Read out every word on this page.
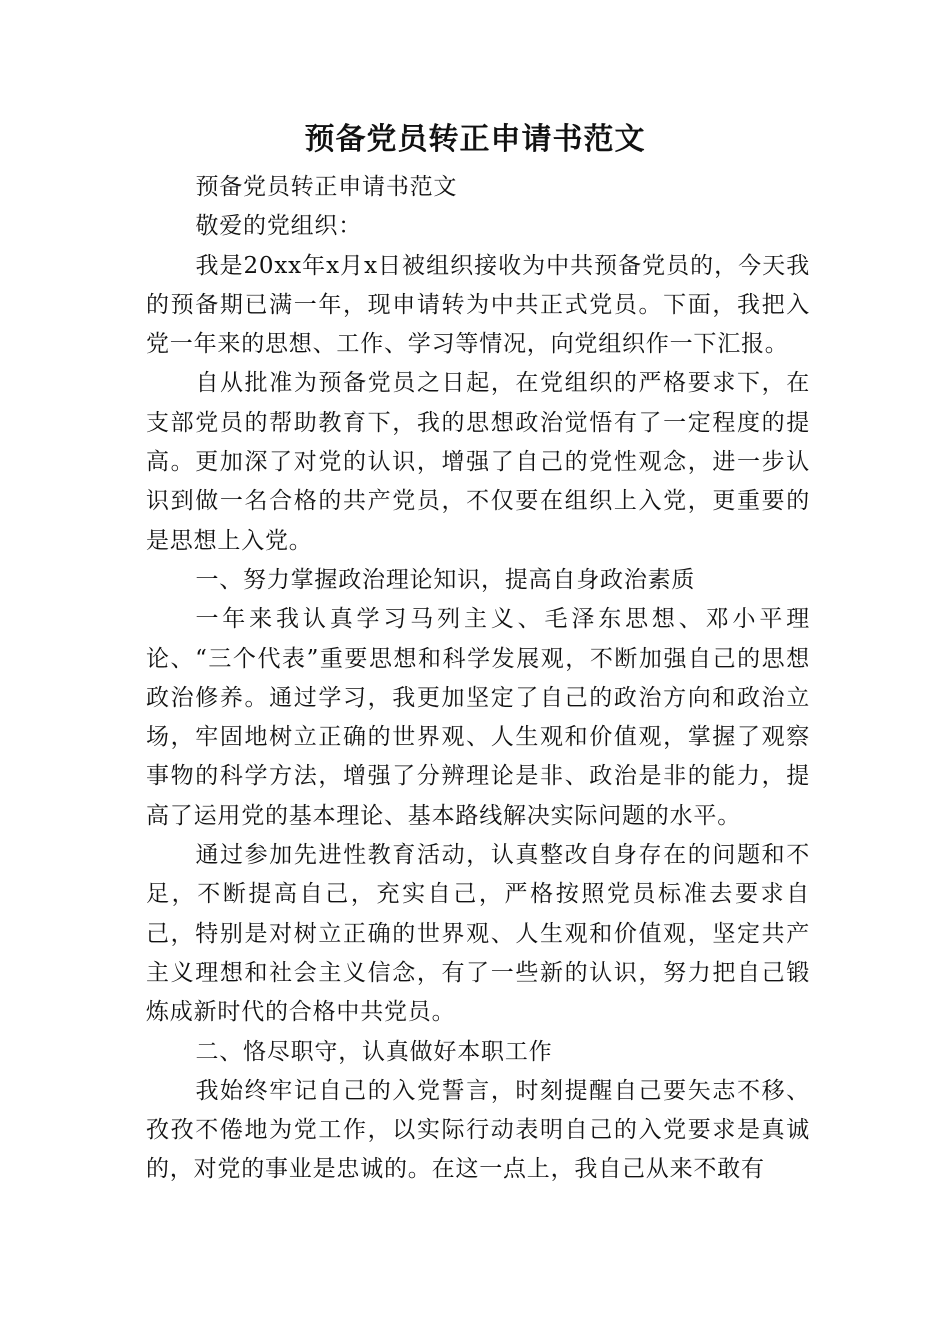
预备党员转正申请书范文

预备党员转正申请书范文

敬爱的党组织：

我是20xx年x月x日被组织接收为中共预备党员的，今天我的预备期已满一年，现申请转为中共正式党员。下面，我把入党一年来的思想、工作、学习等情况，向党组织作一下汇报。

自从批准为预备党员之日起，在党组织的严格要求下，在支部党员的帮助教育下，我的思想政治觉悟有了一定程度的提高。更加深了对党的认识，增强了自己的党性观念，进一步认识到做一名合格的共产党员，不仅要在组织上入党，更重要的是思想上入党。

一、努力掌握政治理论知识，提高自身政治素质

一年来我认真学习马列主义、毛泽东思想、邓小平理论、“三个代表”重要思想和科学发展观，不断加强自己的思想政治修养。通过学习，我更加坚定了自己的政治方向和政治立场，牢固地树立正确的世界观、人生观和价值观，掌握了观察事物的科学方法，增强了分辨理论是非、政治是非的能力，提高了运用党的基本理论、基本路线解决实际问题的水平。

通过参加先进性教育活动，认真整改自身存在的问题和不足，不断提高自己，充实自己，严格按照党员标准去要求自己，特别是对树立正确的世界观、人生观和价值观，坚定共产主义理想和社会主义信念，有了一些新的认识，努力把自己锻炼成新时代的合格中共党员。

二、恪尽职守，认真做好本职工作

我始终牢记自己的入党誓言，时刻提醒自己要矢志不移、孜孜不倦地为党工作，以实际行动表明自己的入党要求是真诚的，对党的事业是忠诚的。在这一点上，我自己从来不敢有
